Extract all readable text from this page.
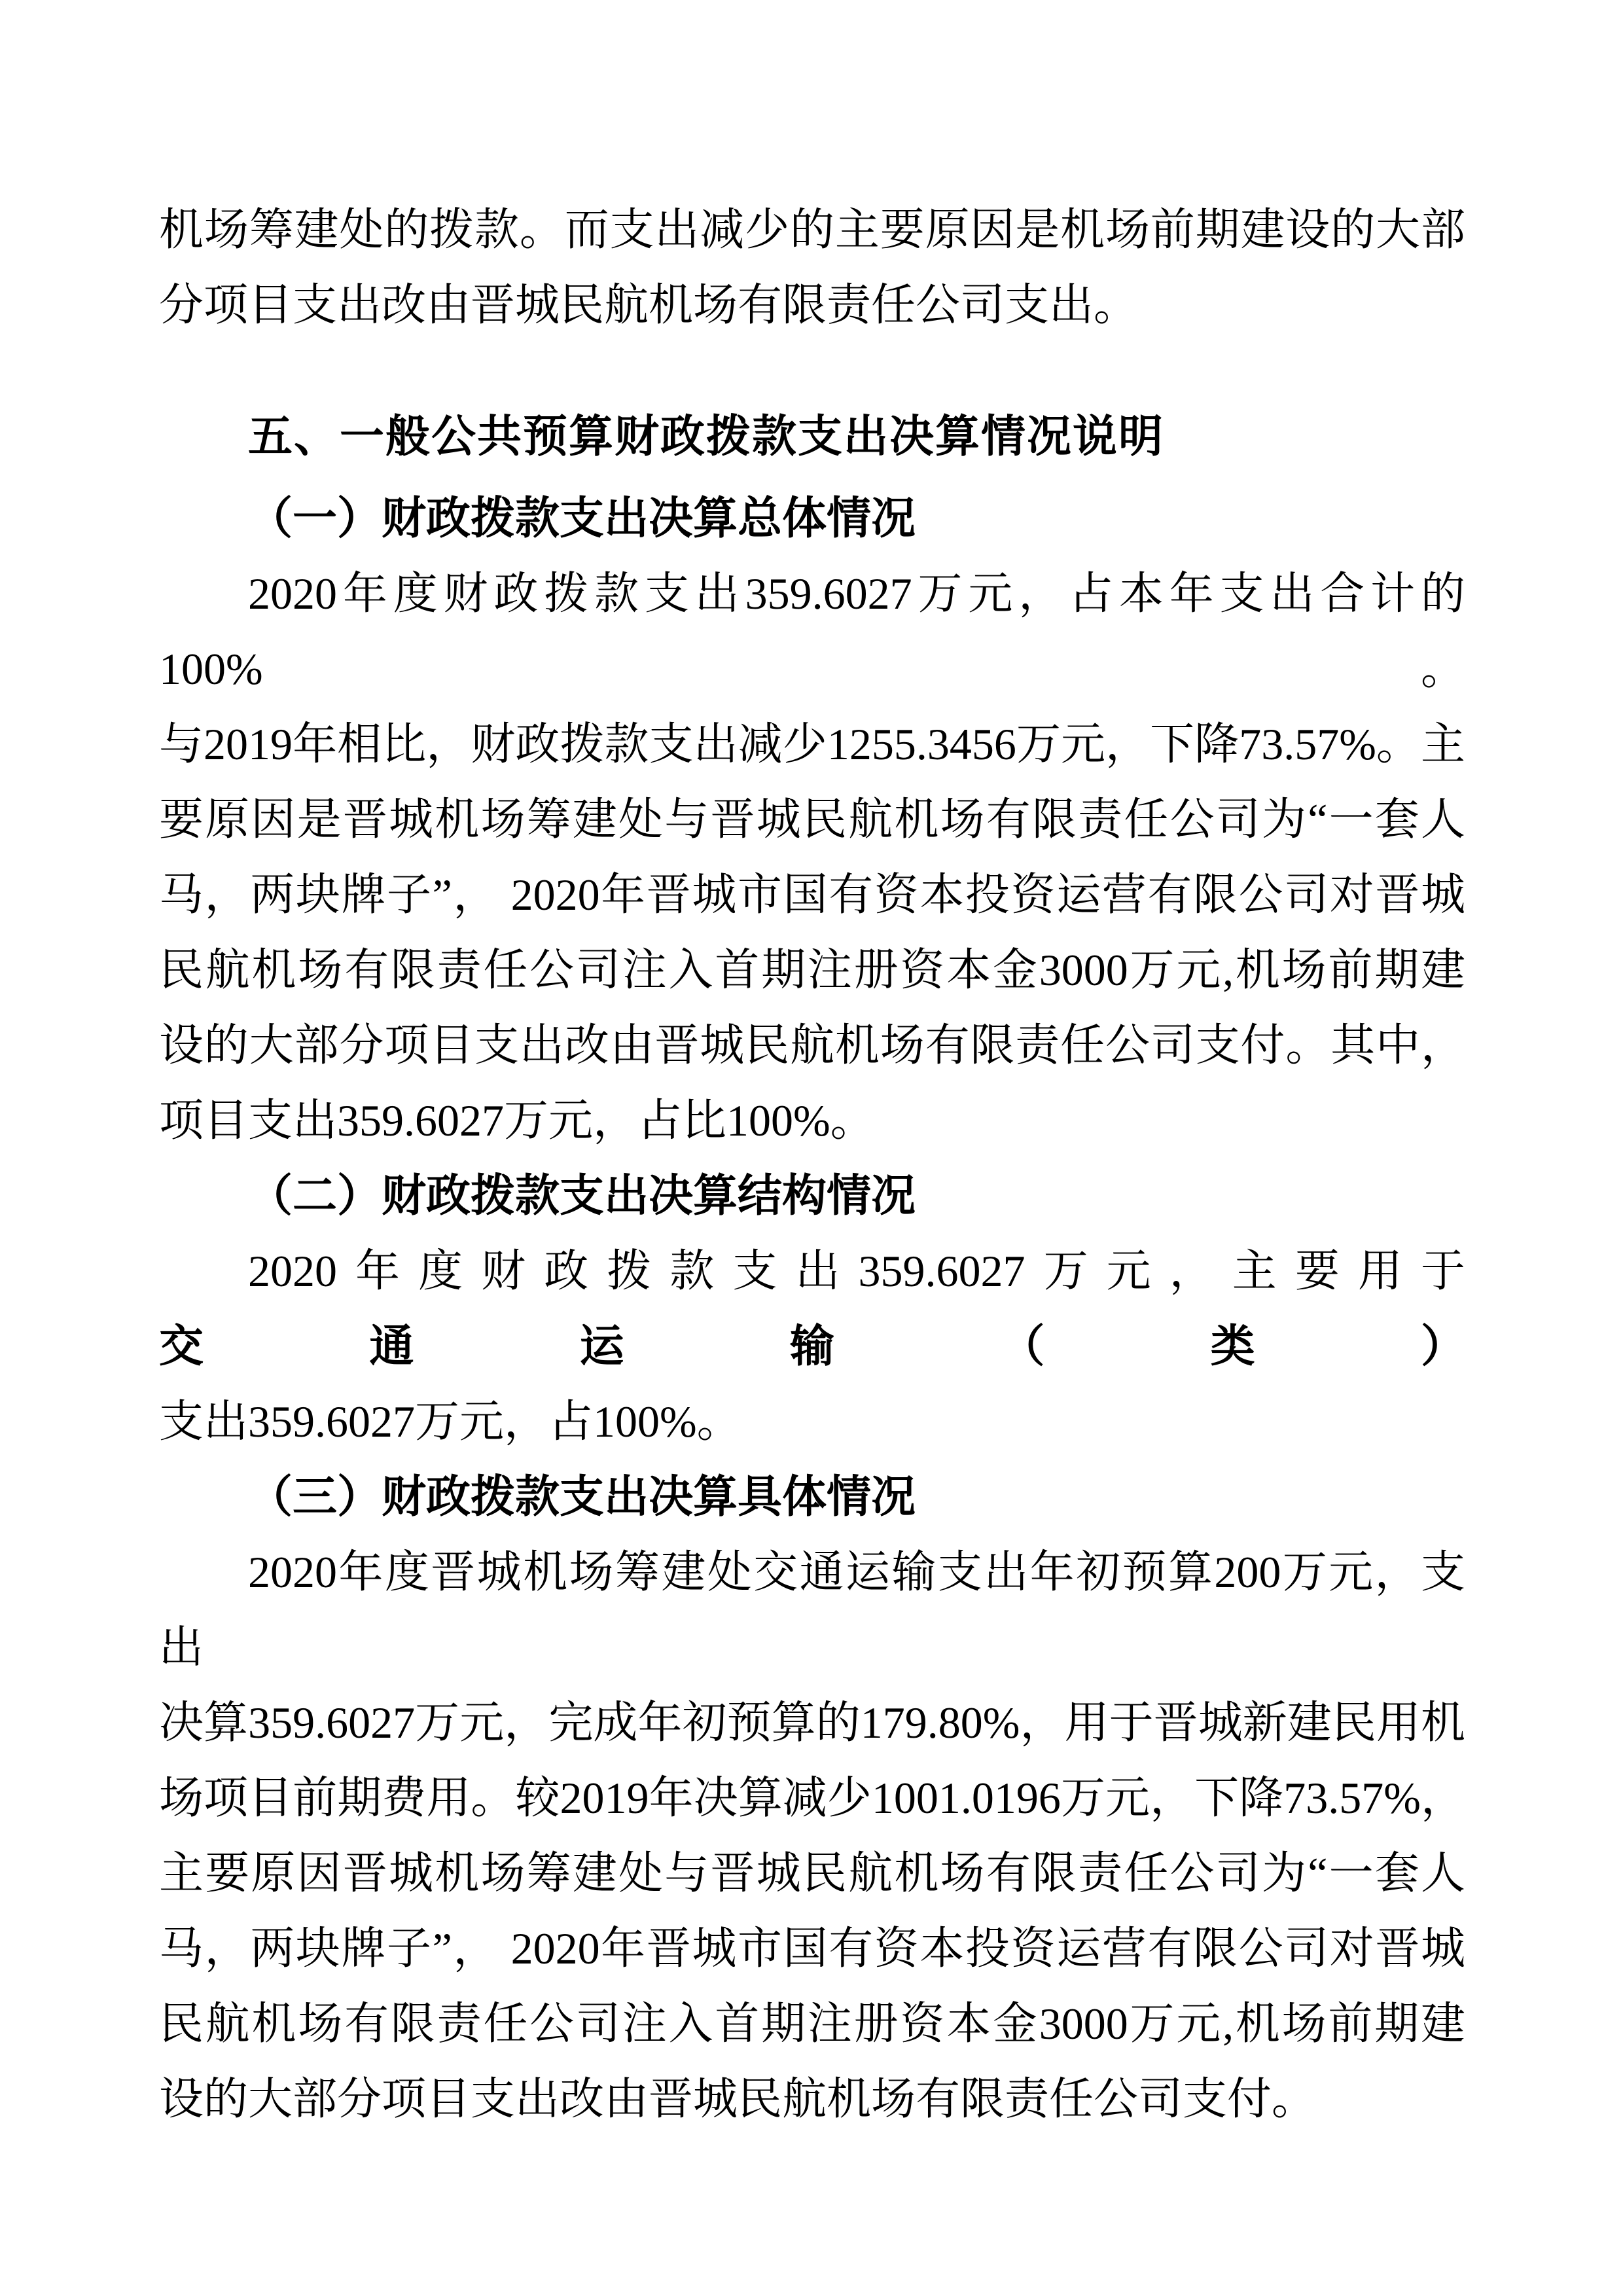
机场筹建处的拨款。而支出减少的主要原因是机场前期建设的大部
分项目支出改由晋城民航机场有限责任公司支出。
五、一般公共预算财政拨款支出决算情况说明
（一）财政拨款支出决算总体情况
2020年度财政拨款支出359.6027万元，占本年支出合计的100%。
与2019年相比，财政拨款支出减少1255.3456万元，下降73.57%。主
要原因是晋城机场筹建处与晋城民航机场有限责任公司为“一套人
马，两块牌子”， 2020年晋城市国有资本投资运营有限公司对晋城
民航机场有限责任公司注入首期注册资本金3000万元,机场前期建
设的大部分项目支出改由晋城民航机场有限责任公司支付。其中，
项目支出359.6027万元，占比100%。
（二）财政拨款支出决算结构情况
2020年度财政拨款支出359.6027万元，主要用于交通运输（类）
支出359.6027万元，占100%。
（三）财政拨款支出决算具体情况
2020年度晋城机场筹建处交通运输支出年初预算200万元，支出
决算359.6027万元，完成年初预算的179.80%，用于晋城新建民用机
场项目前期费用。较2019年决算减少1001.0196万元，下降73.57%，
主要原因晋城机场筹建处与晋城民航机场有限责任公司为“一套人
马，两块牌子”， 2020年晋城市国有资本投资运营有限公司对晋城
民航机场有限责任公司注入首期注册资本金3000万元,机场前期建
设的大部分项目支出改由晋城民航机场有限责任公司支付。
